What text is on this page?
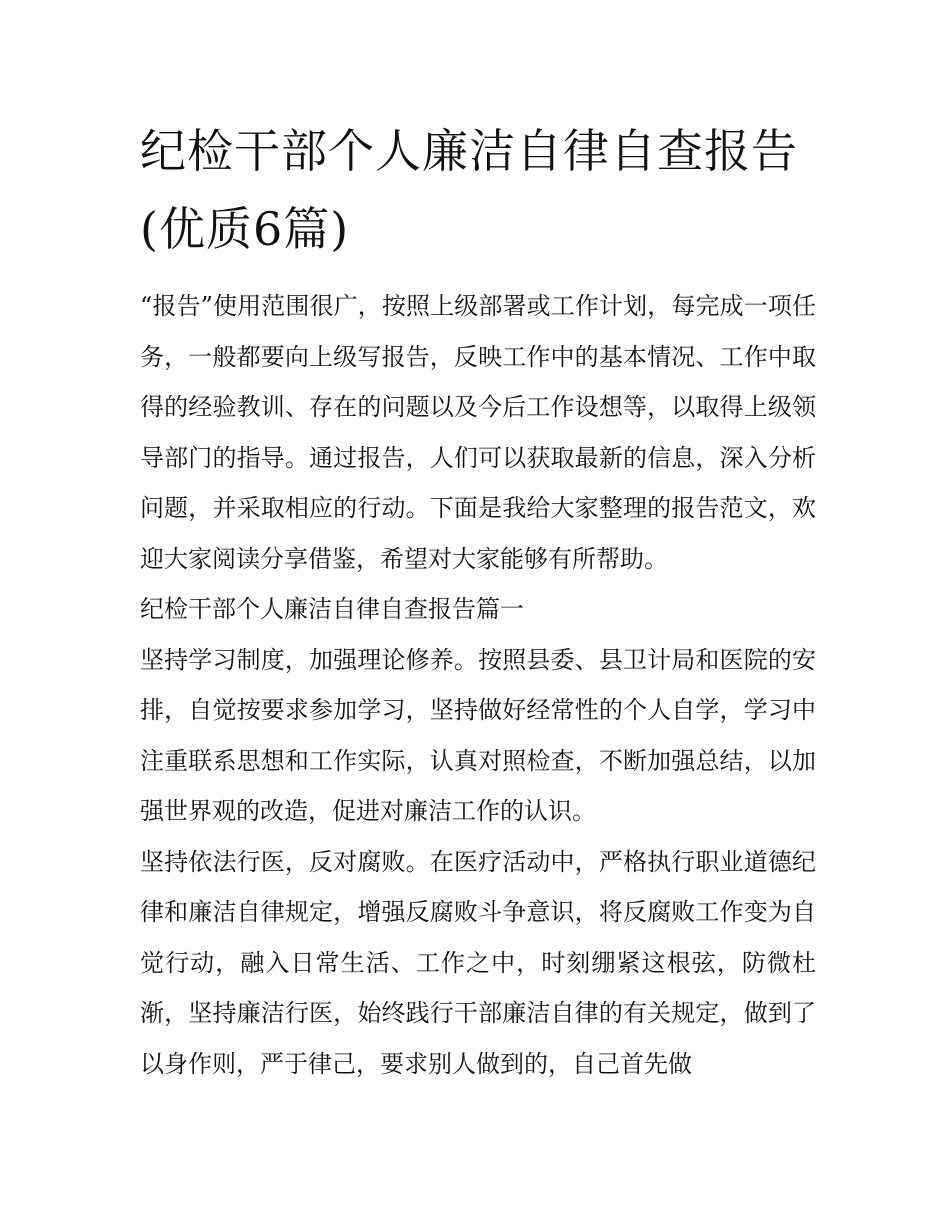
纪检干部个人廉洁自律自查报告(优质6篇)

“报告”使用范围很广，按照上级部署或工作计划，每完成一项任务，一般都要向上级写报告，反映工作中的基本情况、工作中取得的经验教训、存在的问题以及今后工作设想等，以取得上级领导部门的指导。通过报告，人们可以获取最新的信息，深入分析问题，并采取相应的行动。下面是我给大家整理的报告范文，欢迎大家阅读分享借鉴，希望对大家能够有所帮助。

纪检干部个人廉洁自律自查报告篇一

坚持学习制度，加强理论修养。按照县委、县卫计局和医院的安排，自觉按要求参加学习，坚持做好经常性的个人自学，学习中注重联系思想和工作实际，认真对照检查，不断加强总结，以加强世界观的改造，促进对廉洁工作的认识。

坚持依法行医，反对腐败。在医疗活动中，严格执行职业道德纪律和廉洁自律规定，增强反腐败斗争意识，将反腐败工作变为自觉行动，融入日常生活、工作之中，时刻绷紧这根弦，防微杜渐，坚持廉洁行医，始终践行干部廉洁自律的有关规定，做到了以身作则，严于律己，要求别人做到的，自己首先做
